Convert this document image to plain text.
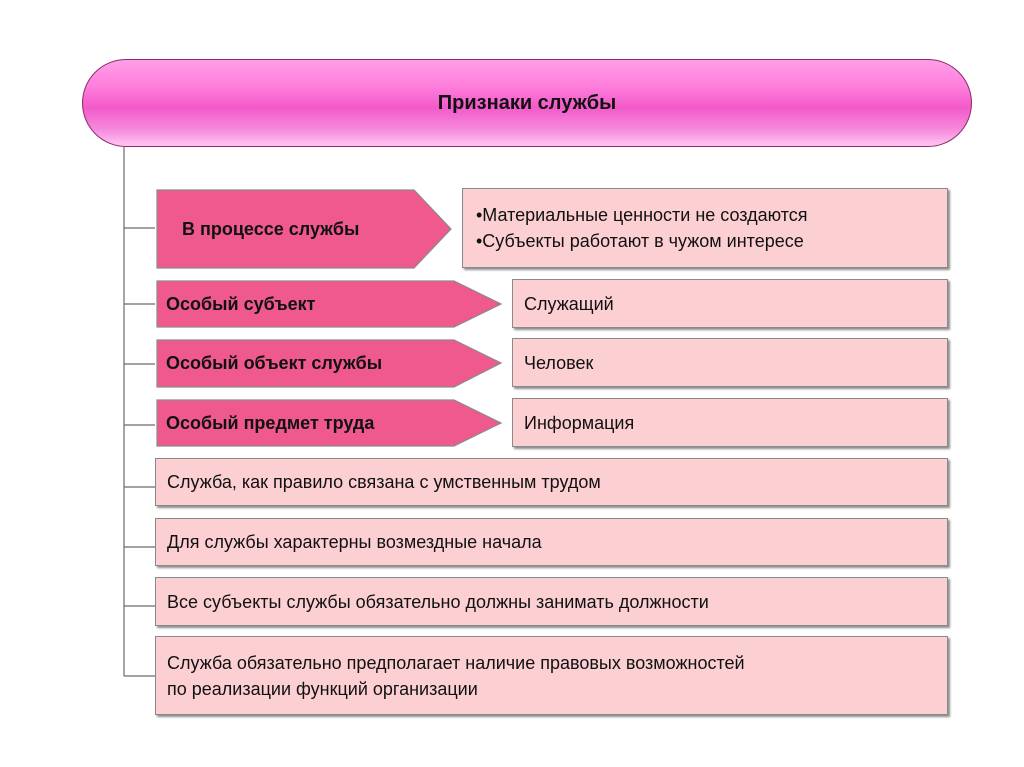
Признаки службы
В процессе службы
Особый субъект
Особый объект службы
Особый предмет труда
•Материальные ценности не создаются
•Субъекты работают в чужом интересе
Служащий
Человек
Информация
Служба, как правило связана с умственным трудом
Для службы характерны возмездные начала
Все субъекты службы обязательно должны занимать должности
Служба обязательно предполагает наличие правовых возможностей
по реализации функций организации
